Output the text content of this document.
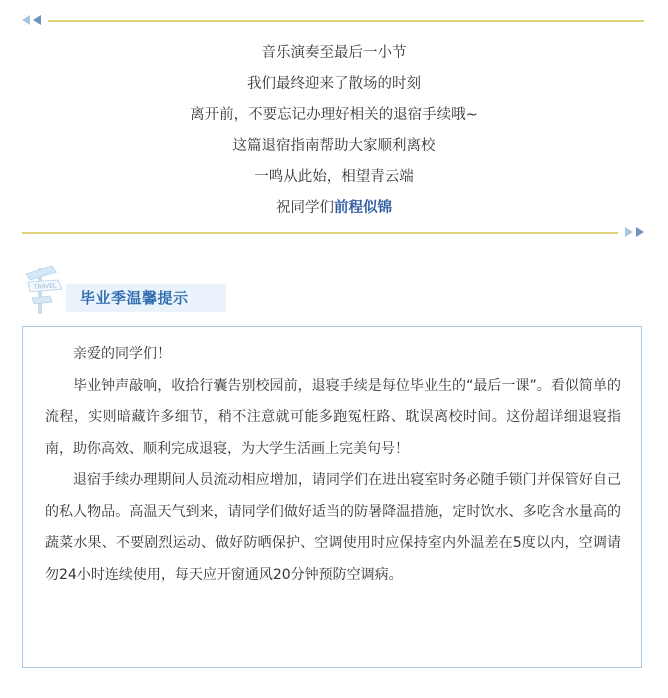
音乐演奏至最后一小节

我们最终迎来了散场的时刻

离开前，不要忘记办理好相关的退宿手续哦~

这篇退宿指南帮助大家顺利离校

一鸣从此始，相望青云端

祝同学们前程似锦

TRAVEL
毕业季温馨提示

亲爱的同学们！

毕业钟声敲响，收拾行囊告别校园前，退寝手续是每位毕业生的“最后一课”。看似简单的流程，实则暗藏许多细节，稍不注意就可能多跑冤枉路、耽误离校时间。这份超详细退寝指南，助你高效、顺利完成退寝，为大学生活画上完美句号！

退宿手续办理期间人员流动相应增加，请同学们在进出寝室时务必随手锁门并保管好自己的私人物品。高温天气到来，请同学们做好适当的防暑降温措施，定时饮水、多吃含水量高的蔬菜水果、不要剧烈运动、做好防晒保护、空调使用时应保持室内外温差在5度以内，空调请勿24小时连续使用，每天应开窗通风20分钟预防空调病。
